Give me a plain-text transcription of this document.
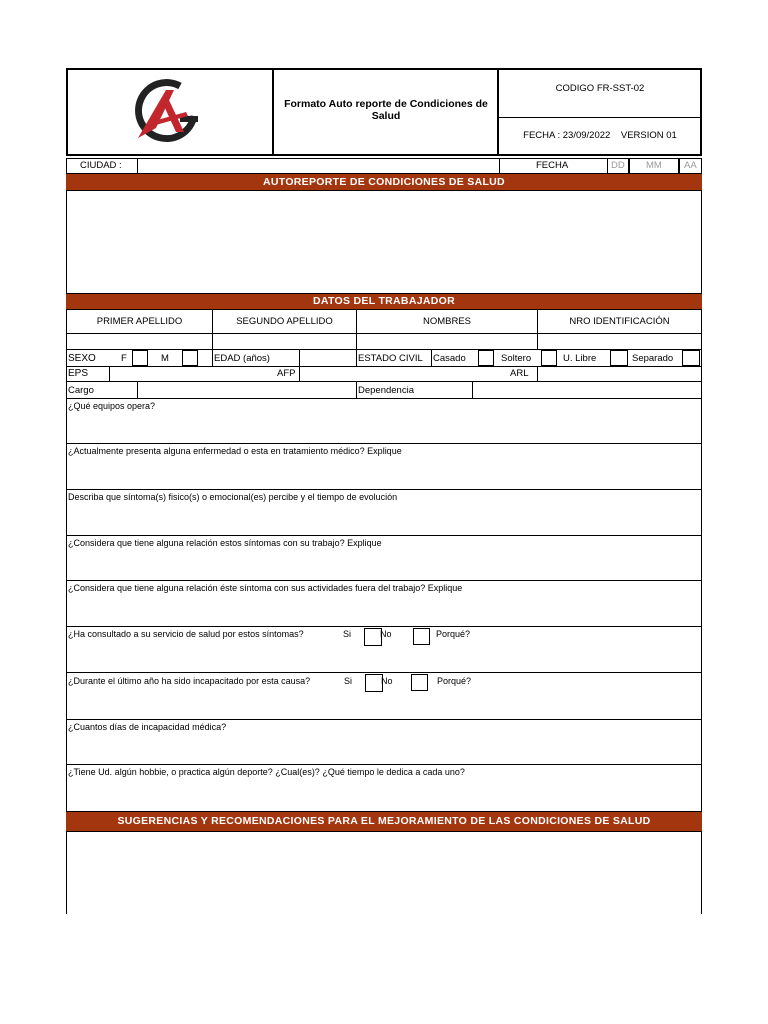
Formato Auto reporte de Condiciones de Salud
CODIGO FR-SST-02
FECHA : 23/09/2022    VERSION 01
CIUDAD :	FECHA	DD MM AA
AUTOREPORTE DE CONDICIONES DE SALUD
DATOS DEL TRABAJADOR
PRIMER APELLIDO	SEGUNDO APELLIDO	NOMBRES	NRO IDENTIFICACIÓN
SEXO	F	M	EDAD (años)	ESTADO CIVIL Casado	Soltero	U. Libre	Separado
EPS	AFP	ARL
Cargo	Dependencia
¿Qué equipos opera?
¿Actualmente presenta alguna enfermedad o esta en tratamiento médico? Explique
Describa que síntoma(s) fisico(s) o emocional(es) percibe y el tiempo de evolución
¿Considera que tiene alguna relación estos síntomas con su trabajo? Explique
¿Considera que tiene alguna relación éste síntoma con sus actividades fuera del trabajo? Explique
¿Ha consultado a su servicio de salud por estos síntomas?	Si	No	Porqué?
¿Durante el último año ha sido incapacitado por esta causa?	Si	No	Porqué?
¿Cuantos días de incapacidad médica?
¿Tiene Ud. algún hobbie, o practica algún deporte? ¿Cual(es)? ¿Qué tiempo le dedica a cada uno?
SUGERENCIAS Y RECOMENDACIONES PARA EL MEJORAMIENTO DE LAS CONDICIONES DE SALUD
